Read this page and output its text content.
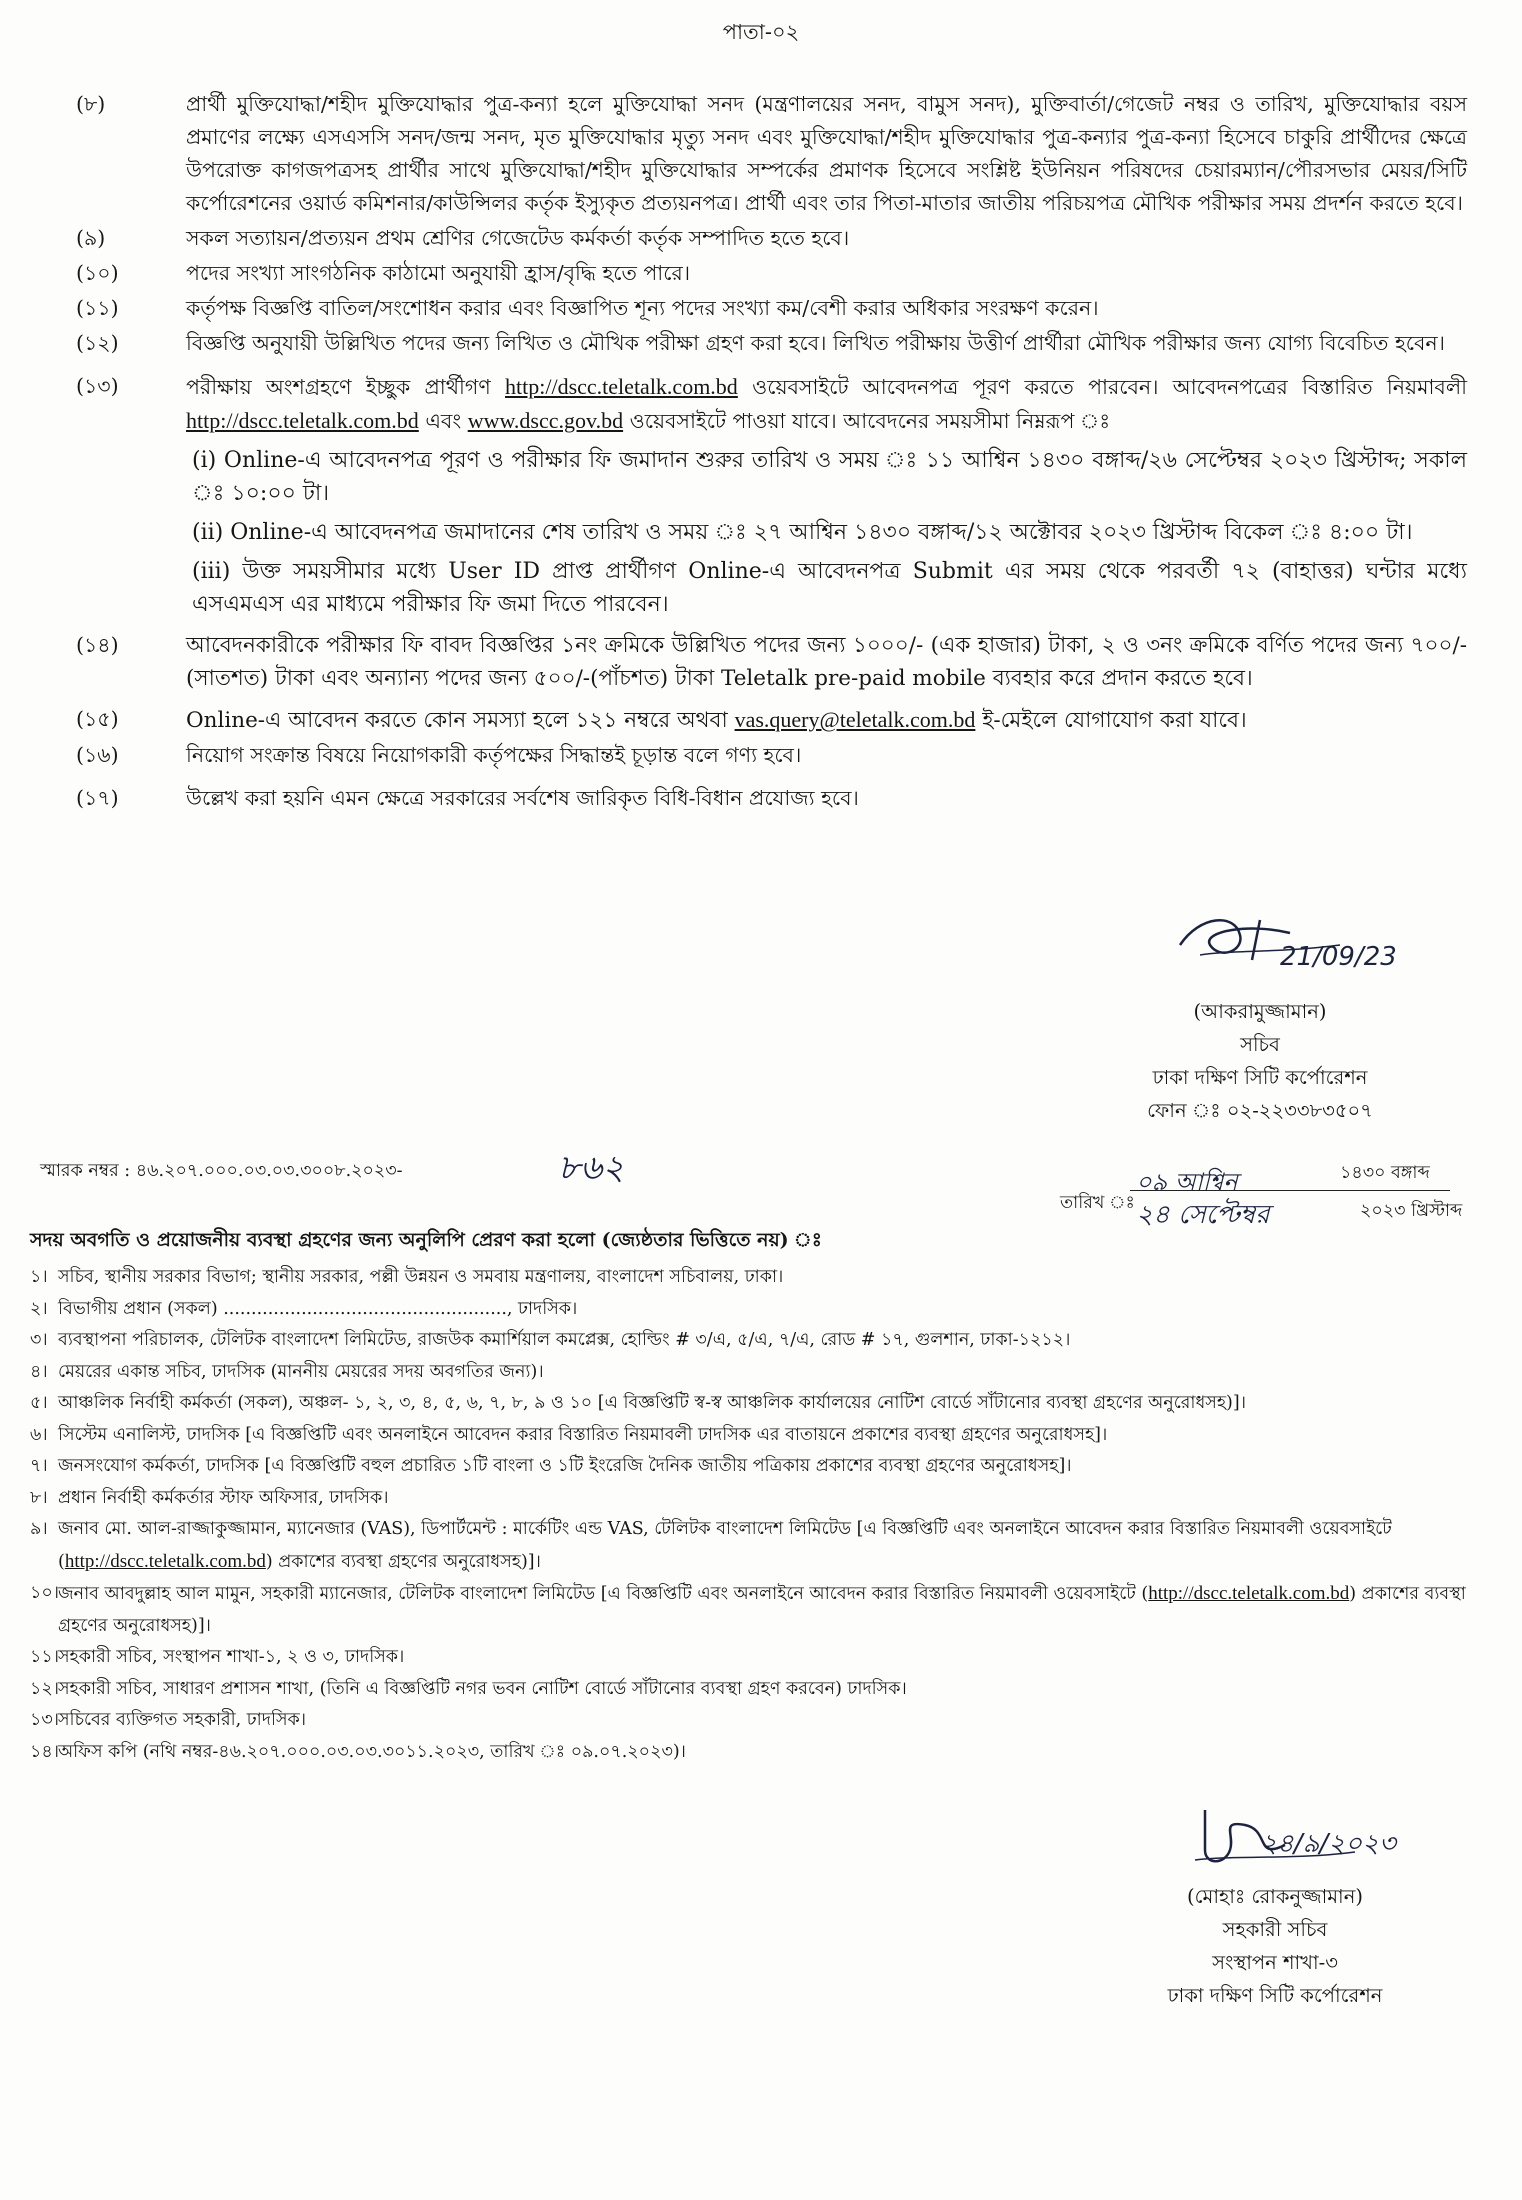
পাতা-০২
(৮)	প্রার্থী মুক্তিযোদ্ধা/শহীদ মুক্তিযোদ্ধার পুত্র-কন্যা হলে মুক্তিযোদ্ধা সনদ (মন্ত্রণালয়ের সনদ, বামুস সনদ), মুক্তিবার্তা/গেজেট নম্বর ও তারিখ, মুক্তিযোদ্ধার বয়স প্রমাণের লক্ষ্যে এসএসসি সনদ/জন্ম সনদ, মৃত মুক্তিযোদ্ধার মৃত্যু সনদ এবং মুক্তিযোদ্ধা/শহীদ মুক্তিযোদ্ধার পুত্র-কন্যার পুত্র-কন্যা হিসেবে চাকুরি প্রার্থীদের ক্ষেত্রে উপরোক্ত কাগজপত্রসহ প্রার্থীর সাথে মুক্তিযোদ্ধা/শহীদ মুক্তিযোদ্ধার সম্পর্কের প্রমাণক হিসেবে সংশ্লিষ্ট ইউনিয়ন পরিষদের চেয়ারম্যান/পৌরসভার মেয়র/সিটি কর্পোরেশনের ওয়ার্ড কমিশনার/কাউন্সিলর কর্তৃক ইস্যুকৃত প্রত্যয়নপত্র। প্রার্থী এবং তার পিতা-মাতার জাতীয় পরিচয়পত্র মৌখিক পরীক্ষার সময় প্রদর্শন করতে হবে।
(৯)	সকল সত্যায়ন/প্রত্যয়ন প্রথম শ্রেণির গেজেটেড কর্মকর্তা কর্তৃক সম্পাদিত হতে হবে।
(১০)	পদের সংখ্যা সাংগঠনিক কাঠামো অনুযায়ী হ্রাস/বৃদ্ধি হতে পারে।
(১১)	কর্তৃপক্ষ বিজ্ঞপ্তি বাতিল/সংশোধন করার এবং বিজ্ঞাপিত শূন্য পদের সংখ্যা কম/বেশী করার অধিকার সংরক্ষণ করেন।
(১২)	বিজ্ঞপ্তি অনুযায়ী উল্লিখিত পদের জন্য লিখিত ও মৌখিক পরীক্ষা গ্রহণ করা হবে। লিখিত পরীক্ষায় উত্তীর্ণ প্রার্থীরা মৌখিক পরীক্ষার জন্য যোগ্য বিবেচিত হবেন।
(১৩)	পরীক্ষায় অংশগ্রহণে ইচ্ছুক প্রার্থীগণ http://dscc.teletalk.com.bd ওয়েবসাইটে আবেদনপত্র পূরণ করতে পারবেন। আবেদনপত্রের বিস্তারিত নিয়মাবলী http://dscc.teletalk.com.bd এবং www.dscc.gov.bd ওয়েবসাইটে পাওয়া যাবে। আবেদনের সময়সীমা নিম্নরূপ ঃ
(i) Online-এ আবেদনপত্র পূরণ ও পরীক্ষার ফি জমাদান শুরুর তারিখ ও সময় ঃ ১১ আশ্বিন ১৪৩০ বঙ্গাব্দ/২৬ সেপ্টেম্বর ২০২৩ খ্রিস্টাব্দ; সকাল ঃ ১০:০০ টা।
(ii) Online-এ আবেদনপত্র জমাদানের শেষ তারিখ ও সময় ঃ ২৭ আশ্বিন ১৪৩০ বঙ্গাব্দ/১২ অক্টোবর ২০২৩ খ্রিস্টাব্দ বিকেল ঃ ৪:০০ টা।
(iii) উক্ত সময়সীমার মধ্যে User ID প্রাপ্ত প্রার্থীগণ Online-এ আবেদনপত্র Submit এর সময় থেকে পরবর্তী ৭২ (বাহাত্তর) ঘন্টার মধ্যে এসএমএস এর মাধ্যমে পরীক্ষার ফি জমা দিতে পারবেন।
(১৪)	আবেদনকারীকে পরীক্ষার ফি বাবদ বিজ্ঞপ্তির ১নং ক্রমিকে উল্লিখিত পদের জন্য ১০০০/- (এক হাজার) টাকা, ২ ও ৩নং ক্রমিকে বর্ণিত পদের জন্য ৭০০/-(সাতশত) টাকা এবং অন্যান্য পদের জন্য ৫০০/-(পাঁচশত) টাকা Teletalk pre-paid mobile ব্যবহার করে প্রদান করতে হবে।
(১৫)	Online-এ আবেদন করতে কোন সমস্যা হলে ১২১ নম্বরে অথবা vas.query@teletalk.com.bd ই-মেইলে যোগাযোগ করা যাবে।
(১৬)	নিয়োগ সংক্রান্ত বিষয়ে নিয়োগকারী কর্তৃপক্ষের সিদ্ধান্তই চূড়ান্ত বলে গণ্য হবে।
(১৭)	উল্লেখ করা হয়নি এমন ক্ষেত্রে সরকারের সর্বশেষ জারিকৃত বিধি-বিধান প্রযোজ্য হবে।
21/09/23
(আকরামুজ্জামান)
সচিব
ঢাকা দক্ষিণ সিটি কর্পোরেশন
ফোন ঃ ০২-২২৩৩৮৩৫০৭
স্মারক নম্বর : ৪৬.২০৭.০০০.০৩.০৩.৩০০৮.২০২৩-	৮৬২
তারিখ ঃ
০৯ আশ্বিন	১৪৩০ বঙ্গাব্দ
২৪ সেপ্টেম্বর	২০২৩ খ্রিস্টাব্দ
সদয় অবগতি ও প্রয়োজনীয় ব্যবস্থা গ্রহণের জন্য অনুলিপি প্রেরণ করা হলো (জ্যেষ্ঠতার ভিত্তিতে নয়) ঃ
১। সচিব, স্থানীয় সরকার বিভাগ; স্থানীয় সরকার, পল্লী উন্নয়ন ও সমবায় মন্ত্রণালয়, বাংলাদেশ সচিবালয়, ঢাকা।
২। বিভাগীয় প্রধান (সকল) ..................................................., ঢাদসিক।
৩। ব্যবস্থাপনা পরিচালক, টেলিটক বাংলাদেশ লিমিটেড, রাজউক কমার্শিয়াল কমপ্লেক্স, হোল্ডিং # ৩/এ, ৫/এ, ৭/এ, রোড # ১৭, গুলশান, ঢাকা-১২১২।
৪। মেয়রের একান্ত সচিব, ঢাদসিক (মাননীয় মেয়রের সদয় অবগতির জন্য)।
৫। আঞ্চলিক নির্বাহী কর্মকর্তা (সকল), অঞ্চল- ১, ২, ৩, ৪, ৫, ৬, ৭, ৮, ৯ ও ১০ [এ বিজ্ঞপ্তিটি স্ব-স্ব আঞ্চলিক কার্যালয়ের নোটিশ বোর্ডে সাঁটানোর ব্যবস্থা গ্রহণের অনুরোধসহ)]।
৬। সিস্টেম এনালিস্ট, ঢাদসিক [এ বিজ্ঞপ্তিটি এবং অনলাইনে আবেদন করার বিস্তারিত নিয়মাবলী ঢাদসিক এর বাতায়নে প্রকাশের ব্যবস্থা গ্রহণের অনুরোধসহ]।
৭। জনসংযোগ কর্মকর্তা, ঢাদসিক [এ বিজ্ঞপ্তিটি বহুল প্রচারিত ১টি বাংলা ও ১টি ইংরেজি দৈনিক জাতীয় পত্রিকায় প্রকাশের ব্যবস্থা গ্রহণের অনুরোধসহ]।
৮। প্রধান নির্বাহী কর্মকর্তার স্টাফ অফিসার, ঢাদসিক।
৯। জনাব মো. আল-রাজ্জাকুজ্জামান, ম্যানেজার (VAS), ডিপার্টমেন্ট : মার্কেটিং এন্ড VAS, টেলিটক বাংলাদেশ লিমিটেড [এ বিজ্ঞপ্তিটি এবং অনলাইনে আবেদন করার বিস্তারিত নিয়মাবলী ওয়েবসাইটে (http://dscc.teletalk.com.bd) প্রকাশের ব্যবস্থা গ্রহণের অনুরোধসহ)]।
১০। জনাব আবদুল্লাহ আল মামুন, সহকারী ম্যানেজার, টেলিটক বাংলাদেশ লিমিটেড [এ বিজ্ঞপ্তিটি এবং অনলাইনে আবেদন করার বিস্তারিত নিয়মাবলী ওয়েবসাইটে (http://dscc.teletalk.com.bd) প্রকাশের ব্যবস্থা গ্রহণের অনুরোধসহ)]।
১১। সহকারী সচিব, সংস্থাপন শাখা-১, ২ ও ৩, ঢাদসিক।
১২। সহকারী সচিব, সাধারণ প্রশাসন শাখা, (তিনি এ বিজ্ঞপ্তিটি নগর ভবন নোটিশ বোর্ডে সাঁটানোর ব্যবস্থা গ্রহণ করবেন) ঢাদসিক।
১৩। সচিবের ব্যক্তিগত সহকারী, ঢাদসিক।
১৪। অফিস কপি (নথি নম্বর-৪৬.২০৭.০০০.০৩.০৩.৩০১১.২০২৩, তারিখ ঃ ০৯.০৭.২০২৩)।
২৪/৯/২০২৩
(মোহাঃ রোকনুজ্জামান)
সহকারী সচিব
সংস্থাপন শাখা-৩
ঢাকা দক্ষিণ সিটি কর্পোরেশন
